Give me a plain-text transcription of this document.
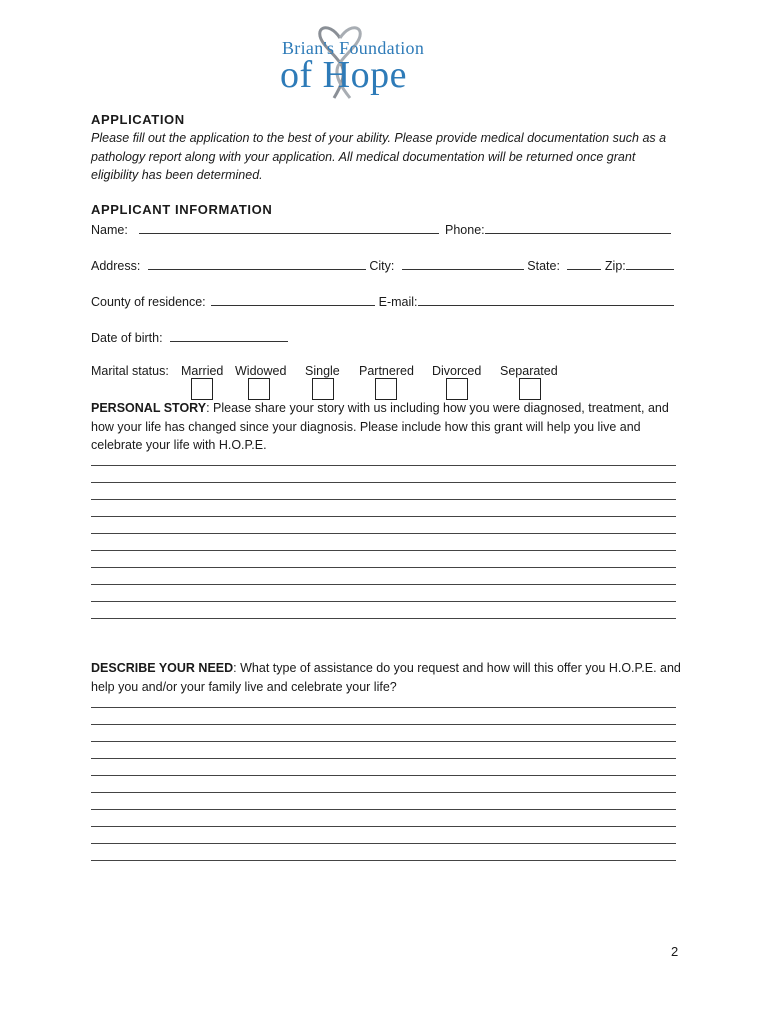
Brian's Foundation
of Hope
APPLICATION
Please fill out the application to the best of your ability. Please provide medical documentation such as a pathology report along with your application. All medical documentation will be returned once grant eligibility has been determined.
APPLICANT INFORMATION
Name:	Phone:
Address:	City:	State:	Zip:
County of residence:	E-mail:
Date of birth:
Marital status: Married Widowed Single Partnered Divorced Separated
PERSONAL STORY: Please share your story with us including how you were diagnosed, treatment, and how your life has changed since your diagnosis. Please include how this grant will help you live and celebrate your life with H.O.P.E.
DESCRIBE YOUR NEED: What type of assistance do you request and how will this offer you H.O.P.E. and help you and/or your family live and celebrate your life?
2
